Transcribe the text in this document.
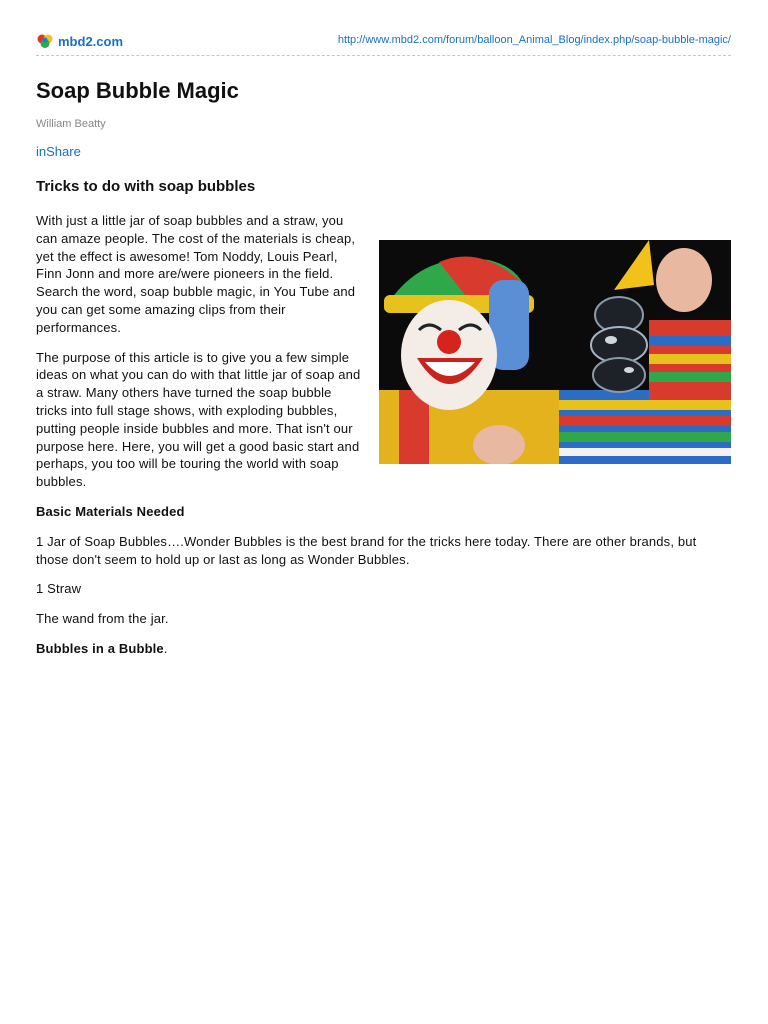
mbd2.com	http://www.mbd2.com/forum/balloon_Animal_Blog/index.php/soap-bubble-magic/
Soap Bubble Magic
William Beatty
inShare

Tricks to do with soap bubbles

With just a little jar of soap bubbles and a straw, you can amaze people. The cost of the materials is cheap, yet the effect is awesome! Tom Noddy, Louis Pearl, Finn Jonn and more are/were pioneers in the field. Search the word, soap bubble magic, in You Tube and you can get some amazing clips from their performances.

The purpose of this article is to give you a few simple ideas on what you can do with that little jar of soap and a straw. Many others have turned the soap bubble tricks into full stage shows, with exploding bubbles, putting people inside bubbles and more. That isn't our purpose here. Here, you will get a good basic start and perhaps, you too will be touring the world with soap bubbles.

Basic Materials Needed

1 Jar of Soap Bubbles….Wonder Bubbles is the best brand for the tricks here today. There are other brands, but those don't seem to hold up or last as long as Wonder Bubbles.

1 Straw

The wand from the jar.

Bubbles in a Bubble.
